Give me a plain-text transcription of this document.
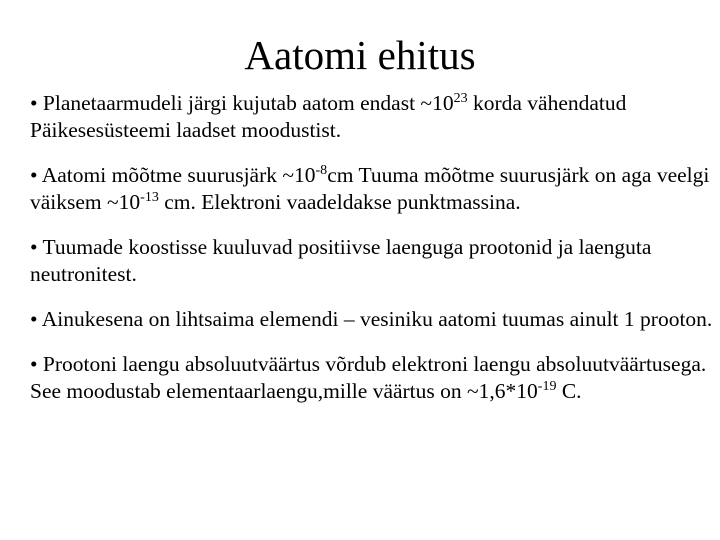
Aatomi ehitus
• Planetaarmudeli järgi kujutab aatom endast $\sim 10^{23}$ korda vähendatud Päikesesüsteemi laadset moodustist.
• Aatomi mõõtme suurusjärk $\sim 10^{-8}cm$ Tuuma mõõtme suurusjärk on aga veelgi väiksem $\sim 10^{-13}$ cm. Elektroni vaadeldakse punktmassina.
• Tuumade koostisse kuuluvad positiivse laenguga prootonid ja laenguta neutronitest.
• Ainukesena on lihtsaima elemendi – vesiniku aatomi tuumas ainult 1 prooton.
• Prootoni laengu absoluutväärtus võrdub elektroni laengu absoluutväärtusega. See moodustab elementaarlaengu,mille väärtus on $\sim 1,6*10^{-19}$ C.
